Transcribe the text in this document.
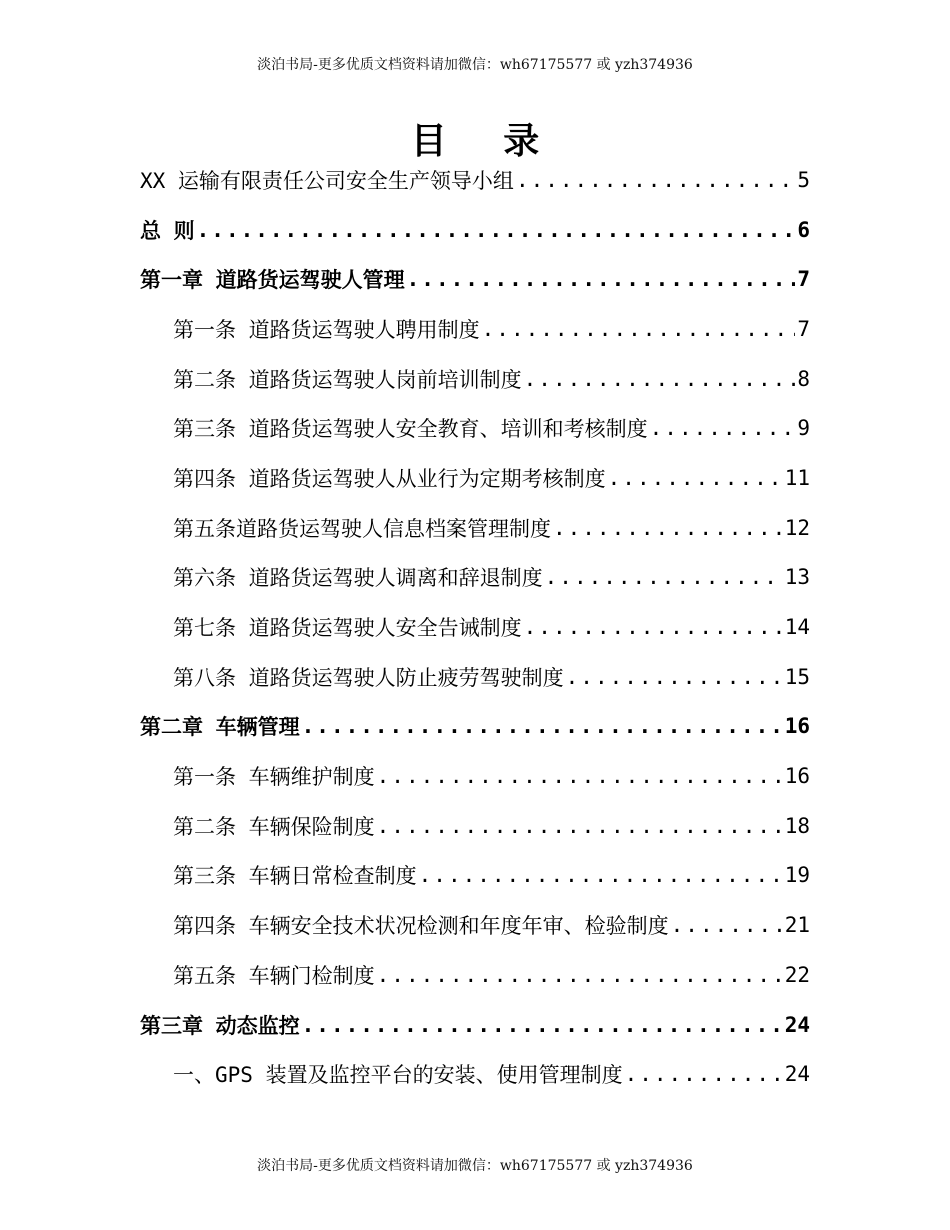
淡泊书局-更多优质文档资料请加微信：wh67175577 或 yzh374936
目 录
XX 运输有限责任公司安全生产领导小组 .....	5
总 则 .....	6
第一章 道路货运驾驶人管理 .....	7
第一条 道路货运驾驶人聘用制度 .....	7
第二条 道路货运驾驶人岗前培训制度 .....	8
第三条 道路货运驾驶人安全教育、培训和考核制度 .....	9
第四条 道路货运驾驶人从业行为定期考核制度 .....	11
第五条道路货运驾驶人信息档案管理制度 .....	12
第六条 道路货运驾驶人调离和辞退制度 .....	13
第七条 道路货运驾驶人安全告诫制度 .....	14
第八条 道路货运驾驶人防止疲劳驾驶制度 .....	15
第二章 车辆管理 .....	16
第一条 车辆维护制度 .....	16
第二条 车辆保险制度 .....	18
第三条 车辆日常检查制度 .....	19
第四条 车辆安全技术状况检测和年度年审、检验制度 .....	21
第五条 车辆门检制度 .....	22
第三章 动态监控 .....	24
一、GPS 装置及监控平台的安装、使用管理制度 .....	24
淡泊书局-更多优质文档资料请加微信：wh67175577 或 yzh374936
